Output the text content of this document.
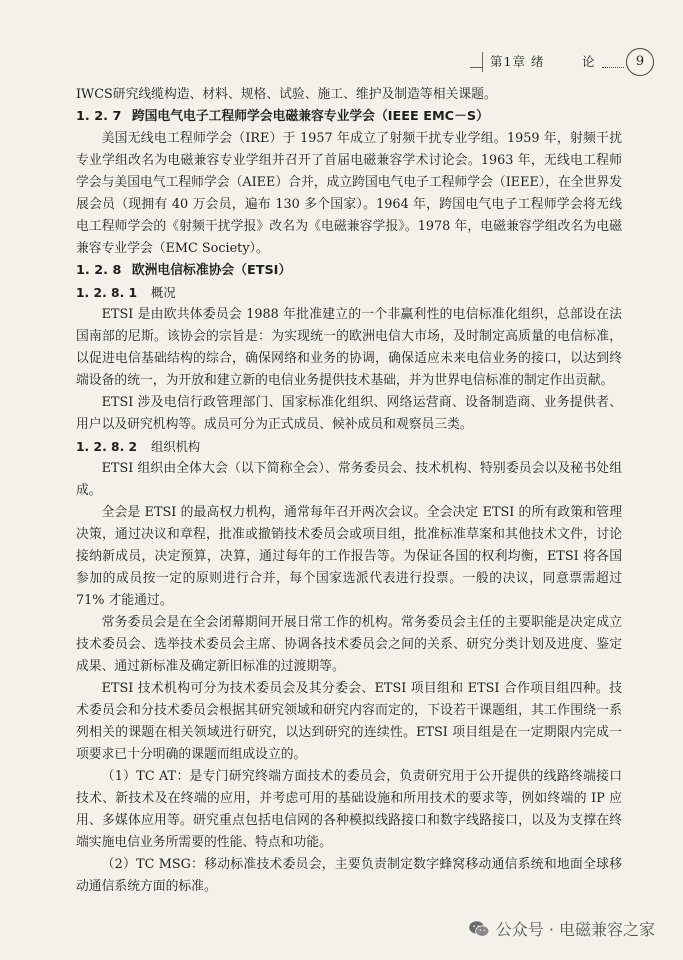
第1章 绪	论	9

IWCS研究线缆构造、材料、规格、试验、施工、维护及制造等相关课题。

1. 2. 7 跨国电气电子工程师学会电磁兼容专业学会（IEEE EMC－S）

美国无线电工程师学会（IRE）于 1957 年成立了射频干扰专业学组。1959 年，射频干扰专业学组改名为电磁兼容专业学组并召开了首届电磁兼容学术讨论会。1963 年，无线电工程师学会与美国电气工程师学会（AIEE）合并，成立跨国电气电子工程师学会（IEEE），在全世界发展会员（现拥有 40 万会员，遍布 130 多个国家）。1964 年，跨国电气电子工程师学会将无线电工程师学会的《射频干扰学报》改名为《电磁兼容学报》。1978 年，电磁兼容学组改名为电磁兼容专业学会（EMC Society）。

1. 2. 8 欧洲电信标准协会（ETSI）

1. 2. 8. 1 概况

ETSI 是由欧共体委员会 1988 年批准建立的一个非赢利性的电信标准化组织，总部设在法国南部的尼斯。该协会的宗旨是：为实现统一的欧洲电信大市场，及时制定高质量的电信标准，以促进电信基础结构的综合，确保网络和业务的协调，确保适应未来电信业务的接口，以达到终端设备的统一，为开放和建立新的电信业务提供技术基础，并为世界电信标准的制定作出贡献。

ETSI 涉及电信行政管理部门、国家标准化组织、网络运营商、设备制造商、业务提供者、用户以及研究机构等。成员可分为正式成员、候补成员和观察员三类。

1. 2. 8. 2 组织机构

ETSI 组织由全体大会（以下简称全会）、常务委员会、技术机构、特别委员会以及秘书处组成。

全会是 ETSI 的最高权力机构，通常每年召开两次会议。全会决定 ETSI 的所有政策和管理决策，通过决议和章程，批准或撤销技术委员会或项目组，批准标准草案和其他技术文件，讨论接纳新成员，决定预算，决算，通过每年的工作报告等。为保证各国的权利均衡，ETSI 将各国参加的成员按一定的原则进行合并，每个国家选派代表进行投票。一般的决议，同意票需超过 71% 才能通过。

常务委员会是在全会闭幕期间开展日常工作的机构。常务委员会主任的主要职能是决定成立技术委员会、选举技术委员会主席、协调各技术委员会之间的关系、研究分类计划及进度、鉴定成果、通过新标准及确定新旧标准的过渡期等。

ETSI 技术机构可分为技术委员会及其分委会、ETSI 项目组和 ETSI 合作项目组四种。技术委员会和分技术委员会根据其研究领域和研究内容而定的，下设若干课题组，其工作围绕一系列相关的课题在相关领域进行研究，以达到研究的连续性。ETSI 项目组是在一定期限内完成一项要求已十分明确的课题而组成设立的。

（1）TC AT：是专门研究终端方面技术的委员会，负责研究用于公开提供的线路终端接口技术、新技术及在终端的应用，并考虑可用的基础设施和所用技术的要求等，例如终端的 IP 应用、多媒体应用等。研究重点包括电信网的各种模拟线路接口和数字线路接口，以及为支撑在终端实施电信业务所需要的性能、特点和功能。

（2）TC MSG：移动标准技术委员会，主要负责制定数字蜂窝移动通信系统和地面全球移动通信系统方面的标准。

公众号 · 电磁兼容之家
